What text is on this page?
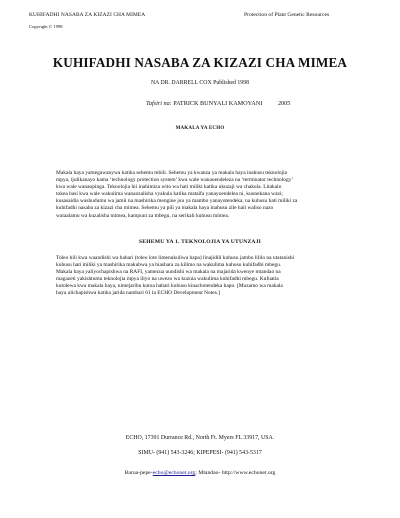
KUHIFADHI NASABA ZA KIZAZI CHA MIMEA	Protection of Plant Genetic Resources
Copyright © 1998
KUHIFADHI NASABA ZA KIZAZI CHA MIMEA
NA DR. DARRELL COX Published 1998
Tafsiri na: PATRICK BUNYALI KAMOYANI	2005
MAKALA YA ECHO
Makala haya yamegawanywa katika sehemu mbili. Sehemu ya kwanza ya makala haya inahusu teknolojia
mpya, ijulikanayo kama ‘technology protection system’ kwa wale wanaoendeleza na ‘terminator technology’
kwa wale wanaopinga. Teknolojia hii inahimiza wito wa hati miliki katika ukuzaji wa chakula. Litakalo
tokea basi kwa wale wakulima wanaozalisha vyakula katika mataifa yanayoendelea ni, kuonekana wazi;
kusasaidia washudumu wa jamii na mashirika mengine juu ya mambo yanayotendeka, na kuhusu hati miliki za
kuhifadhi nasaba za kizazi cha mimea. Sehemu ya pili ya makala haya inahusu zile hali waliso nazo
wataalamu wa kuzalisha mimea, kampuni za mbegu, na serikali kuhusu mimea.
SEHEMU YA 1. TEKNOLOJIA YA UTUNZAJI
Toleo hili kwa waandishi wa habari (toleo lote limenukuliwa hapa) linajidili kuhusu jambo lililo na utatanishi
kuhusu hati miliki ya mashirika makubwa ya biashara za kilimo na wakulima kuhusu kuhifadhi mbegu.
Makala haya yaliyochapishwa na RAFI, yamezua uundishi wa makala na majarida kwenye mtandao na
magazeti yakishtumu teknolojia mpya iliyo na uwezo wa kuzuia wakulima kuhifadhi mbegu. Kufuatia
kutolewa kwa makala haya, nimejaribu kutoa habari kuhusu kinachotendeka hapo. [Muzamo wa makala
haya ulichapishwa katika jarida nambari 61 la ECHO Development Notes.]
ECHO, 17391 Durrance Rd., North Ft. Myers FL 33917, USA.
SIMU- (941) 543-3246; KIPEPESI- (941) 543-5317
Barua-pepe-echo@echonet.org; Mtandao- http://www.echonet.org
